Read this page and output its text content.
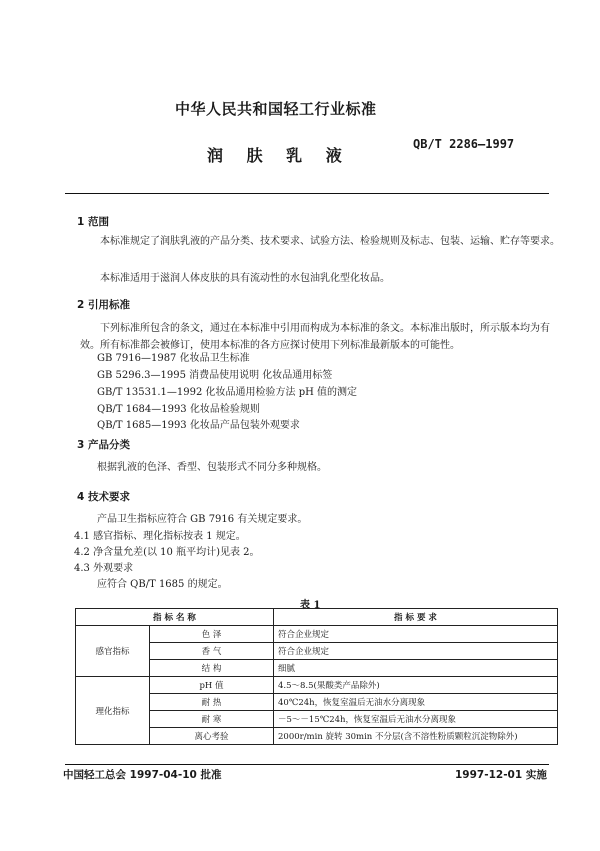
中华人民共和国轻工行业标准
润 肤 乳 液
QB/T 2286—1997
1 范围
本标准规定了润肤乳液的产品分类、技术要求、试验方法、检验规则及标志、包装、运输、贮存等要求。
本标准适用于滋润人体皮肤的具有流动性的水包油乳化型化妆品。
2 引用标准
下列标准所包含的条文，通过在本标准中引用而构成为本标准的条文。本标准出版时，所示版本均为有效。所有标准都会被修订，使用本标准的各方应探讨使用下列标准最新版本的可能性。
GB 7916—1987 化妆品卫生标准
GB 5296.3—1995 消费品使用说明 化妆品通用标签
GB/T 13531.1—1992 化妆品通用检验方法 pH 值的测定
QB/T 1684—1993 化妆品检验规则
QB/T 1685—1993 化妆品产品包装外观要求
3 产品分类
根据乳液的色泽、香型、包装形式不同分多种规格。
4 技术要求
产品卫生指标应符合 GB 7916 有关规定要求。
4.1 感官指标、理化指标按表 1 规定。
4.2 净含量允差(以 10 瓶平均计)见表 2。
4.3 外观要求
应符合 QB/T 1685 的规定。
表 1
指 标 名 称		指 标 要 求
感官指标	色 泽	符合企业规定
	香 气	符合企业规定
	结 构	细腻
理化指标	pH 值	4.5～8.5(果酸类产品除外)
	耐 热	40℃24h，恢复室温后无油水分离现象
	耐 寒	－5～－15℃24h，恢复室温后无油水分离现象
	离心考验	2000r/min 旋转 30min 不分层(含不溶性粉质颗粒沉淀物除外)
中国轻工总会 1997-04-10 批准	1997-12-01 实施
